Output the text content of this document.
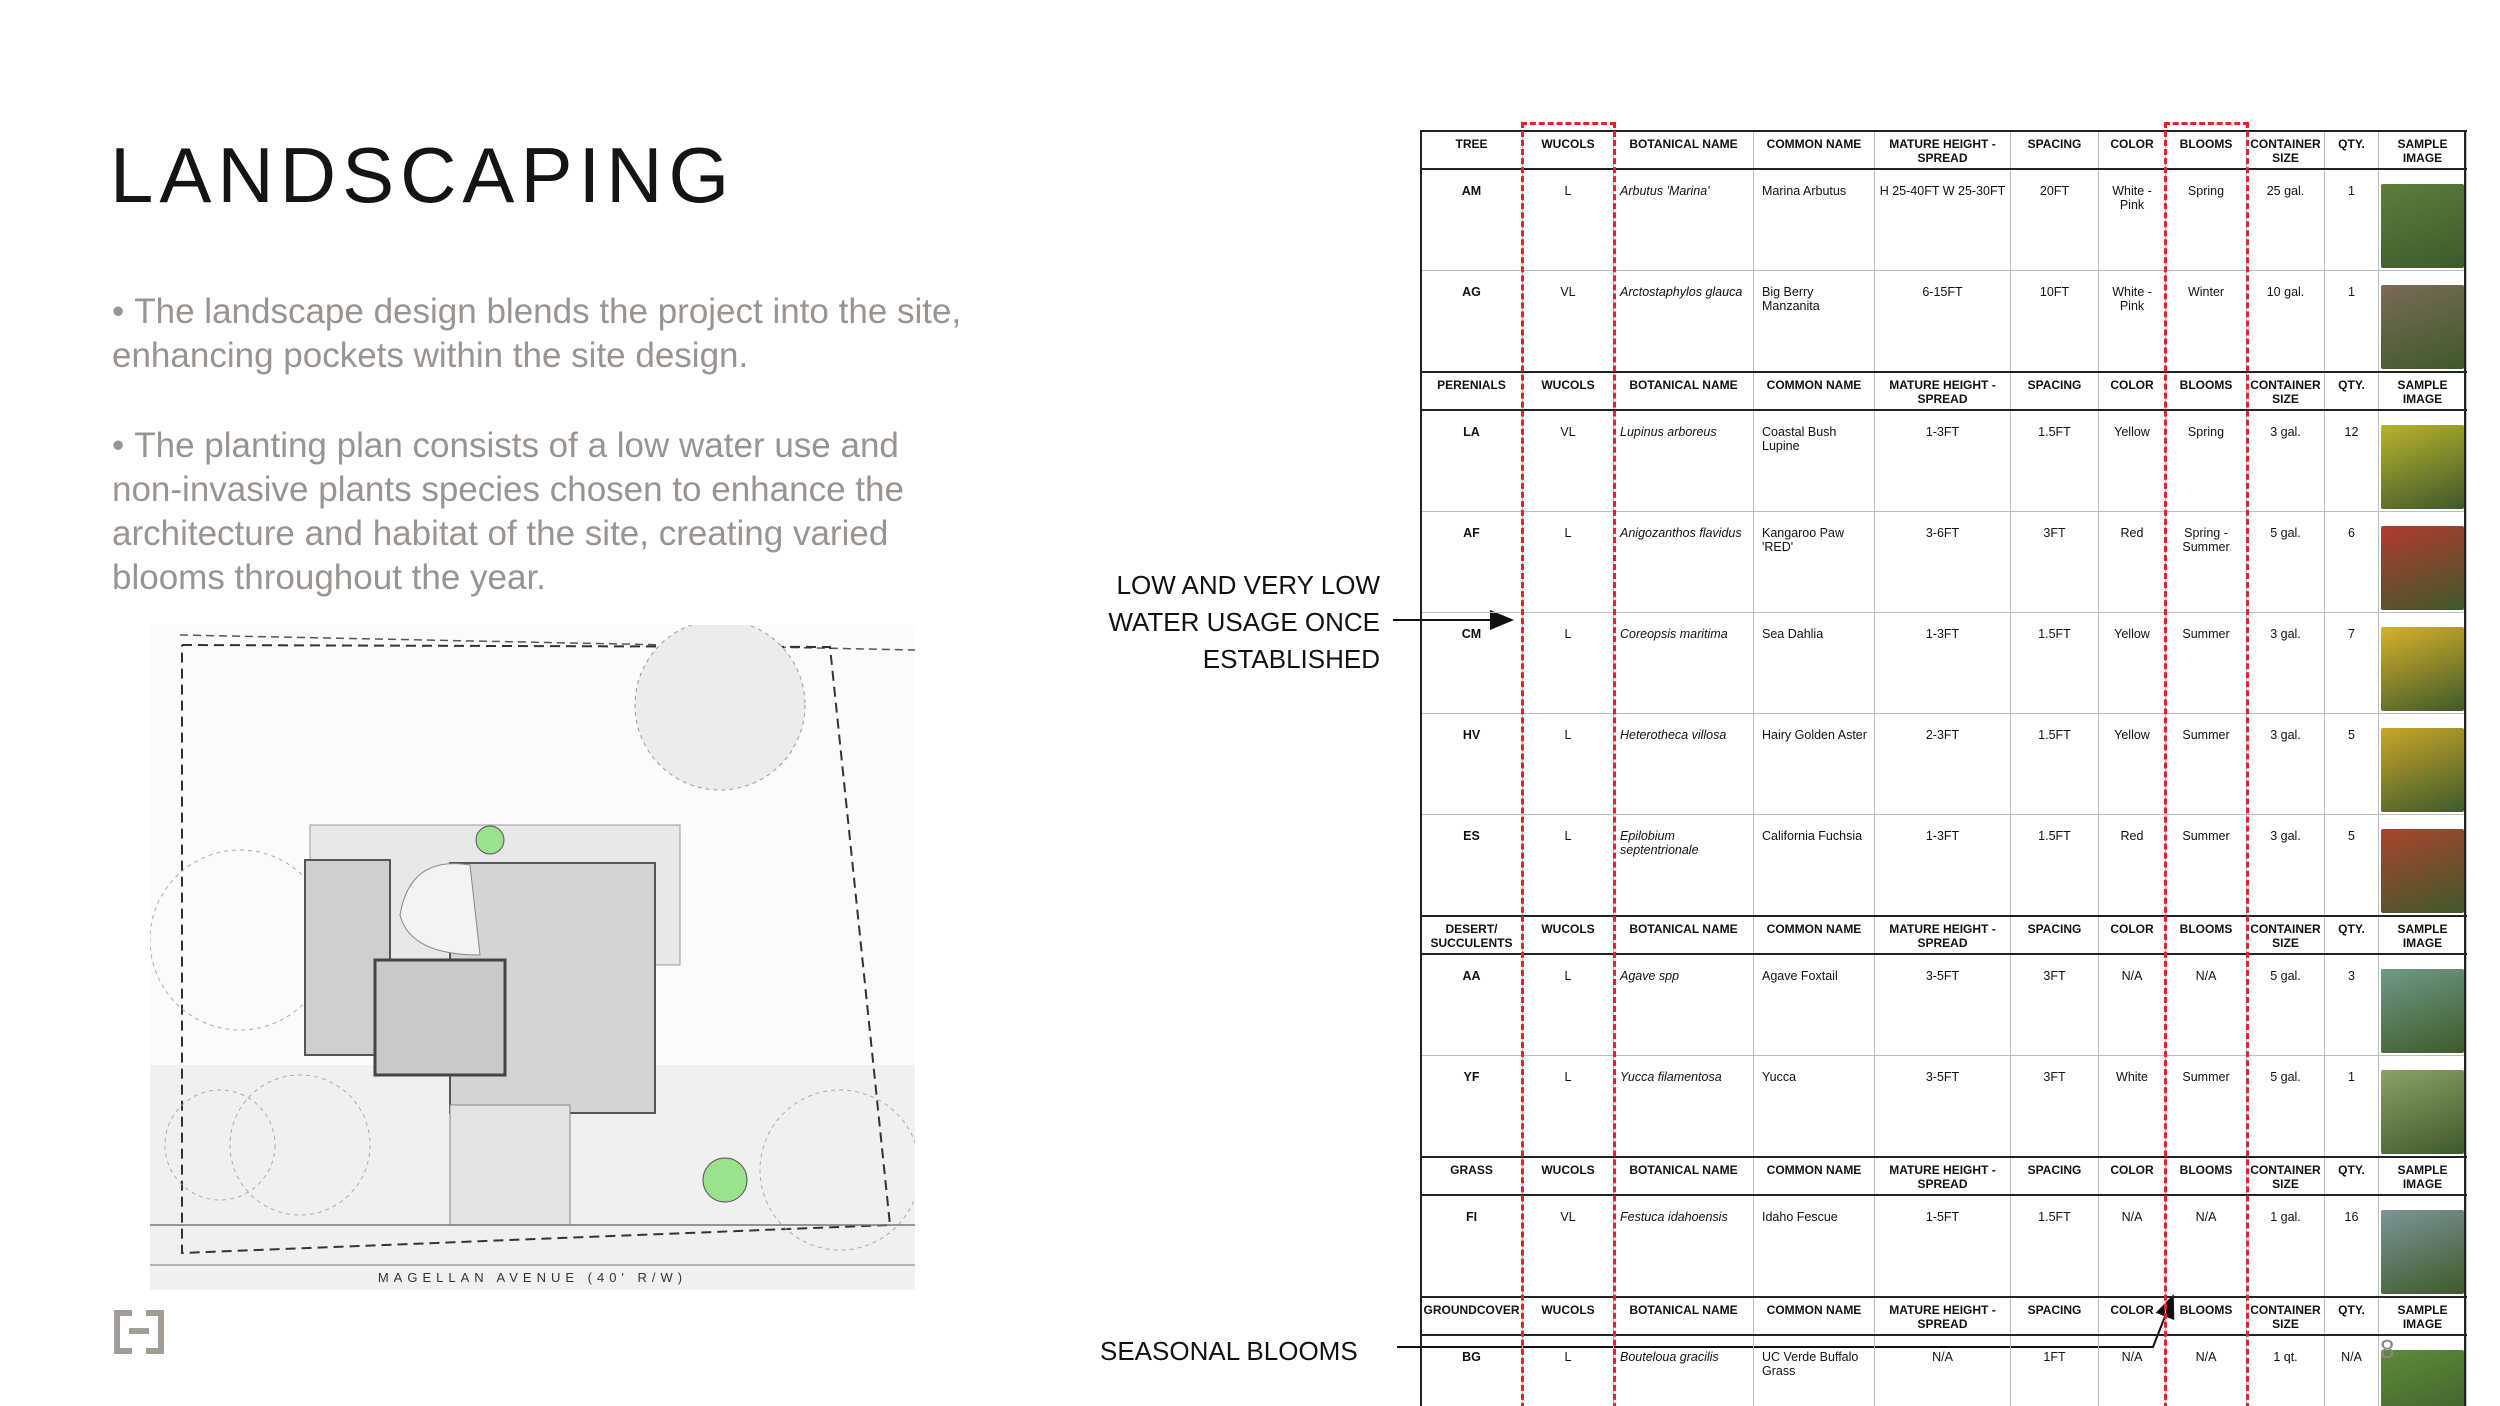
LANDSCAPING

• The landscape design blends the project into the site, enhancing pockets within the site design.

• The planting plan consists of a low water use and non-invasive plants species chosen to enhance the architecture and habitat of the site, creating varied blooms throughout the year.

MAGELLAN AVENUE (40' R/W)
LOW AND VERY LOW
WATER USAGE ONCE
ESTABLISHED
SEASONAL BLOOMS
TREE	WUCOLS	BOTANICAL NAME	COMMON NAME	MATURE HEIGHT - SPREAD	SPACING	COLOR	BLOOMS	CONTAINER SIZE	QTY.	SAMPLE IMAGE
AM	L	Arbutus 'Marina'	Marina Arbutus	H 25-40FT W 25-30FT	20FT	White - Pink	Spring	25 gal.	1	

AG	VL	Arctostaphylos glauca	Big Berry Manzanita	6-15FT	10FT	White - Pink	Winter	10 gal.	1	

PERENIALS	WUCOLS	BOTANICAL NAME	COMMON NAME	MATURE HEIGHT - SPREAD	SPACING	COLOR	BLOOMS	CONTAINER SIZE	QTY.	SAMPLE IMAGE
LA	VL	Lupinus arboreus	Coastal Bush Lupine	1-3FT	1.5FT	Yellow	Spring	3 gal.	12	

AF	L	Anigozanthos flavidus	Kangaroo Paw 'RED'	3-6FT	3FT	Red	Spring - Summer	5 gal.	6	

CM	L	Coreopsis maritima	Sea Dahlia	1-3FT	1.5FT	Yellow	Summer	3 gal.	7	

HV	L	Heterotheca villosa	Hairy Golden Aster	2-3FT	1.5FT	Yellow	Summer	3 gal.	5	

ES	L	Epilobium septentrionale	California Fuchsia	1-3FT	1.5FT	Red	Summer	3 gal.	5	

DESERT/ SUCCULENTS	WUCOLS	BOTANICAL NAME	COMMON NAME	MATURE HEIGHT - SPREAD	SPACING	COLOR	BLOOMS	CONTAINER SIZE	QTY.	SAMPLE IMAGE
AA	L	Agave spp	Agave Foxtail	3-5FT	3FT	N/A	N/A	5 gal.	3	

YF	L	Yucca filamentosa	Yucca	3-5FT	3FT	White	Summer	5 gal.	1	

GRASS	WUCOLS	BOTANICAL NAME	COMMON NAME	MATURE HEIGHT - SPREAD	SPACING	COLOR	BLOOMS	CONTAINER SIZE	QTY.	SAMPLE IMAGE
FI	VL	Festuca idahoensis	Idaho Fescue	1-5FT	1.5FT	N/A	N/A	1 gal.	16	

GROUNDCOVER	WUCOLS	BOTANICAL NAME	COMMON NAME	MATURE HEIGHT - SPREAD	SPACING	COLOR	BLOOMS	CONTAINER SIZE	QTY.	SAMPLE IMAGE
BG	L	Bouteloua gracilis	UC Verde Buffalo Grass	N/A	1FT	N/A	N/A	1 qt.	N/A	8
